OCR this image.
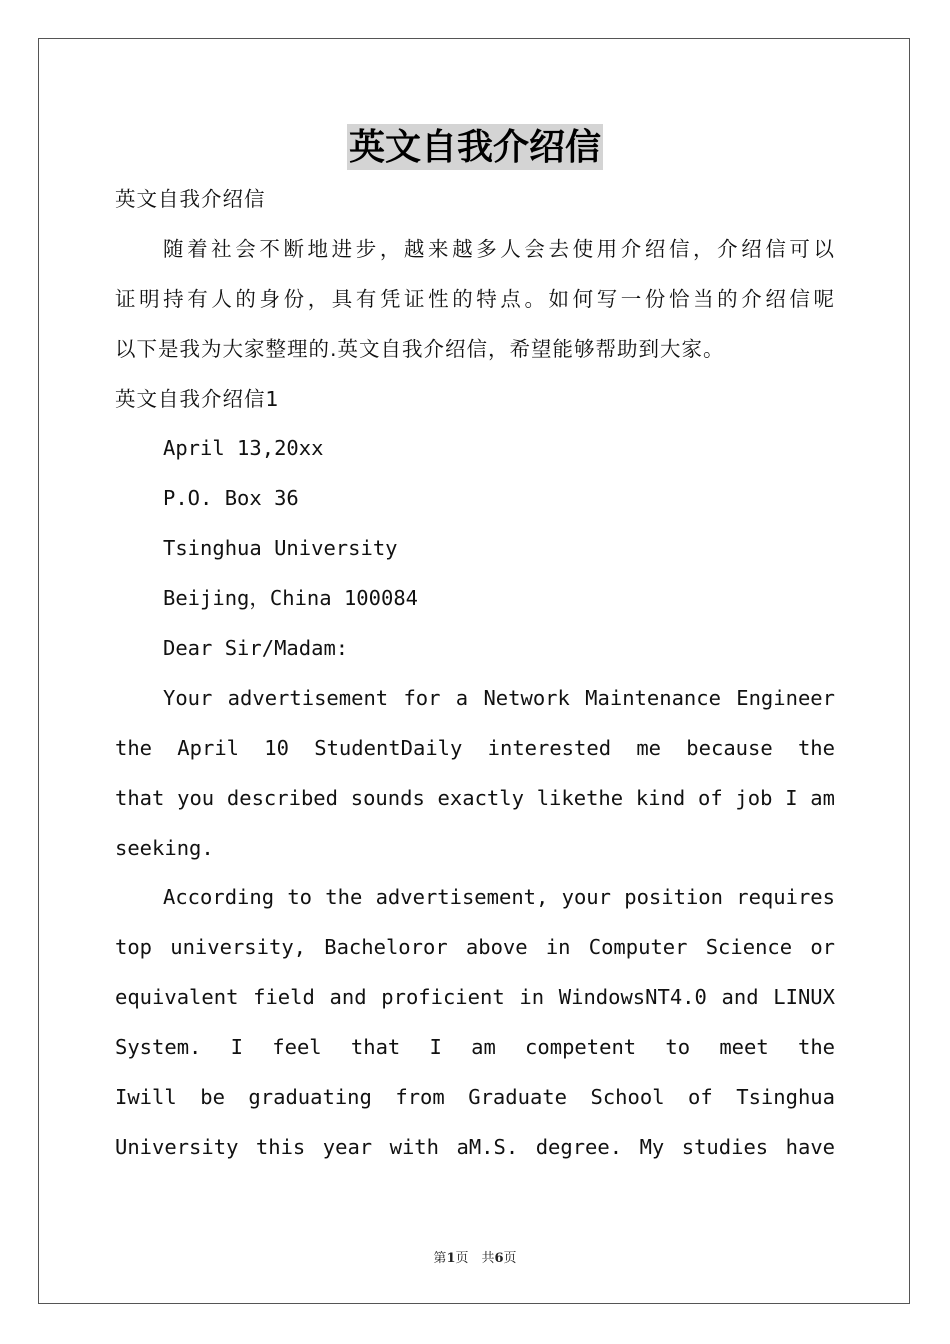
英文自我介绍信
英文自我介绍信
随着社会不断地进步，越来越多人会去使用介绍信，介绍信可以
证明持有人的身份，具有凭证性的特点。如何写一份恰当的介绍信呢
以下是我为大家整理的.英文自我介绍信，希望能够帮助到大家。
英文自我介绍信1
April 13,20xx
P.O. Box 36
Tsinghua University
Beijing，China 100084
Dear Sir/Madam:
Your advertisement for a Network Maintenance Engineer
the April 10 StudentDaily interested me because the
that you described sounds exactly likethe kind of job I am
seeking.
According to the advertisement, your position requires
top university, Bacheloror above in Computer Science or
equivalent field and proficient in WindowsNT4.0 and LINUX
System. I feel that I am competent to meet the
Iwill be graduating from Graduate School of Tsinghua
University this year with aM.S. degree. My studies have
第1页　共6页
